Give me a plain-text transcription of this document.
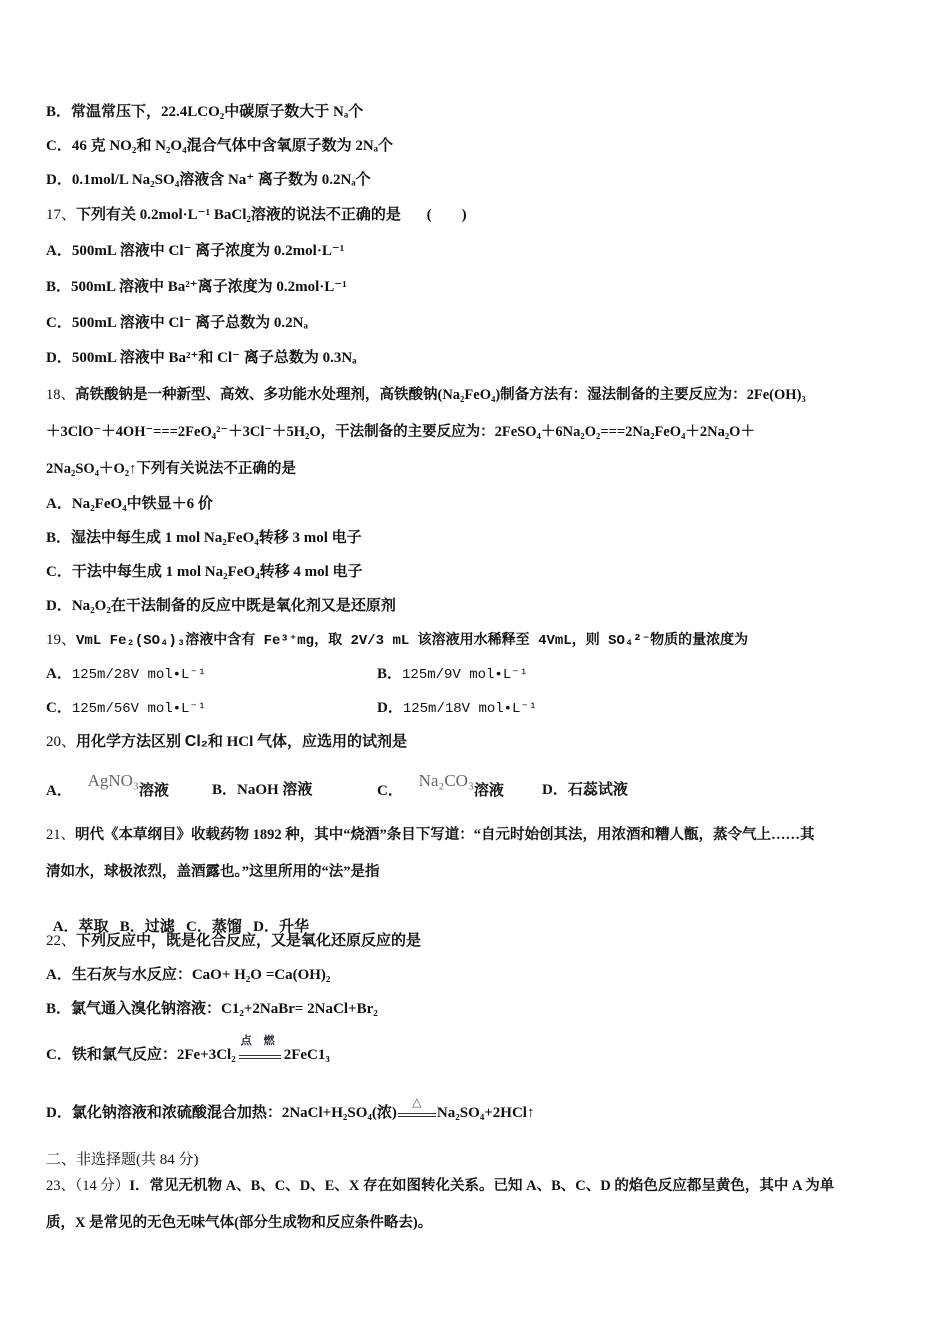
B．常温常压下，22.4LCO₂中碳原子数大于 Nₐ个
C．46 克 NO₂和 N₂O₄混合气体中含氧原子数为 2Nₐ个
D．0.1mol/L Na₂SO₄溶液含 Na⁺ 离子数为 0.2Nₐ个
17、下列有关 0.2mol·L⁻¹ BaCl₂溶液的说法不正确的是 (        )
A．500mL 溶液中 Cl⁻ 离子浓度为 0.2mol·L⁻¹
B．500mL 溶液中 Ba²⁺离子浓度为 0.2mol·L⁻¹
C．500mL 溶液中 Cl⁻ 离子总数为 0.2Nₐ
D．500mL 溶液中 Ba²⁺和 Cl⁻ 离子总数为 0.3Nₐ
18、高铁酸钠是一种新型、高效、多功能水处理剂，高铁酸钠(Na₂FeO₄)制备方法有：湿法制备的主要反应为：2Fe(OH)₃
＋3ClO⁻＋4OH⁻===2FeO₄²⁻＋3Cl⁻＋5H₂O，干法制备的主要反应为：2FeSO₄＋6Na₂O₂===2Na₂FeO₄＋2Na₂O＋
2Na₂SO₄＋O₂↑下列有关说法不正确的是
A．Na₂FeO₄中铁显＋6 价
B．湿法中每生成 1 mol Na₂FeO₄转移 3 mol 电子
C．干法中每生成 1 mol Na₂FeO₄转移 4 mol 电子
D．Na₂O₂在干法制备的反应中既是氧化剂又是还原剂
19、VmL Fe₂(SO₄)₃溶液中含有 Fe³⁺mg，取 2V/3 mL 该溶液用水稀释至 4VmL，则 SO₄²⁻物质的量浓度为
A．125m/28V mol•L⁻¹	B．125m/9V mol•L⁻¹
C．125m/56V mol•L⁻¹	D．125m/18V mol•L⁻¹
20、用化学方法区别 Cl₂和 HCl 气体，应选用的试剂是
A． AgNO₃溶液	B．NaOH 溶液	C． Na₂CO₃溶液	D．石蕊试液
21、明代《本草纲目》收载药物 1892 种，其中“烧酒”条目下写道：“自元时始创其法，用浓酒和糟人甑，蒸令气上……其
清如水，球极浓烈，盖酒露也。”这里所用的“法”是指

A．萃取   B．过滤   C．蒸馏   D．升华

22、下列反应中，既是化合反应，又是氧化还原反应的是
A．生石灰与水反应：CaO+ H₂O =Ca(OH)₂
B．氯气通入溴化钠溶液：C1₂+2NaBr= 2NaCl+Br₂
C．铁和氯气反应：2Fe+3Cl₂
点 燃
2FeC1₃
D．氯化钠溶液和浓硫酸混合加热：2NaCl+H₂SO₄(浓)
△
Na₂SO₄+2HCl↑
二、非选择题(共 84 分)
23、（14 分）I．常见无机物 A、B、C、D、E、X 存在如图转化关系。已知 A、B、C、D 的焰色反应都呈黄色，其中 A 为单
质，X 是常见的无色无味气体(部分生成物和反应条件略去)。
